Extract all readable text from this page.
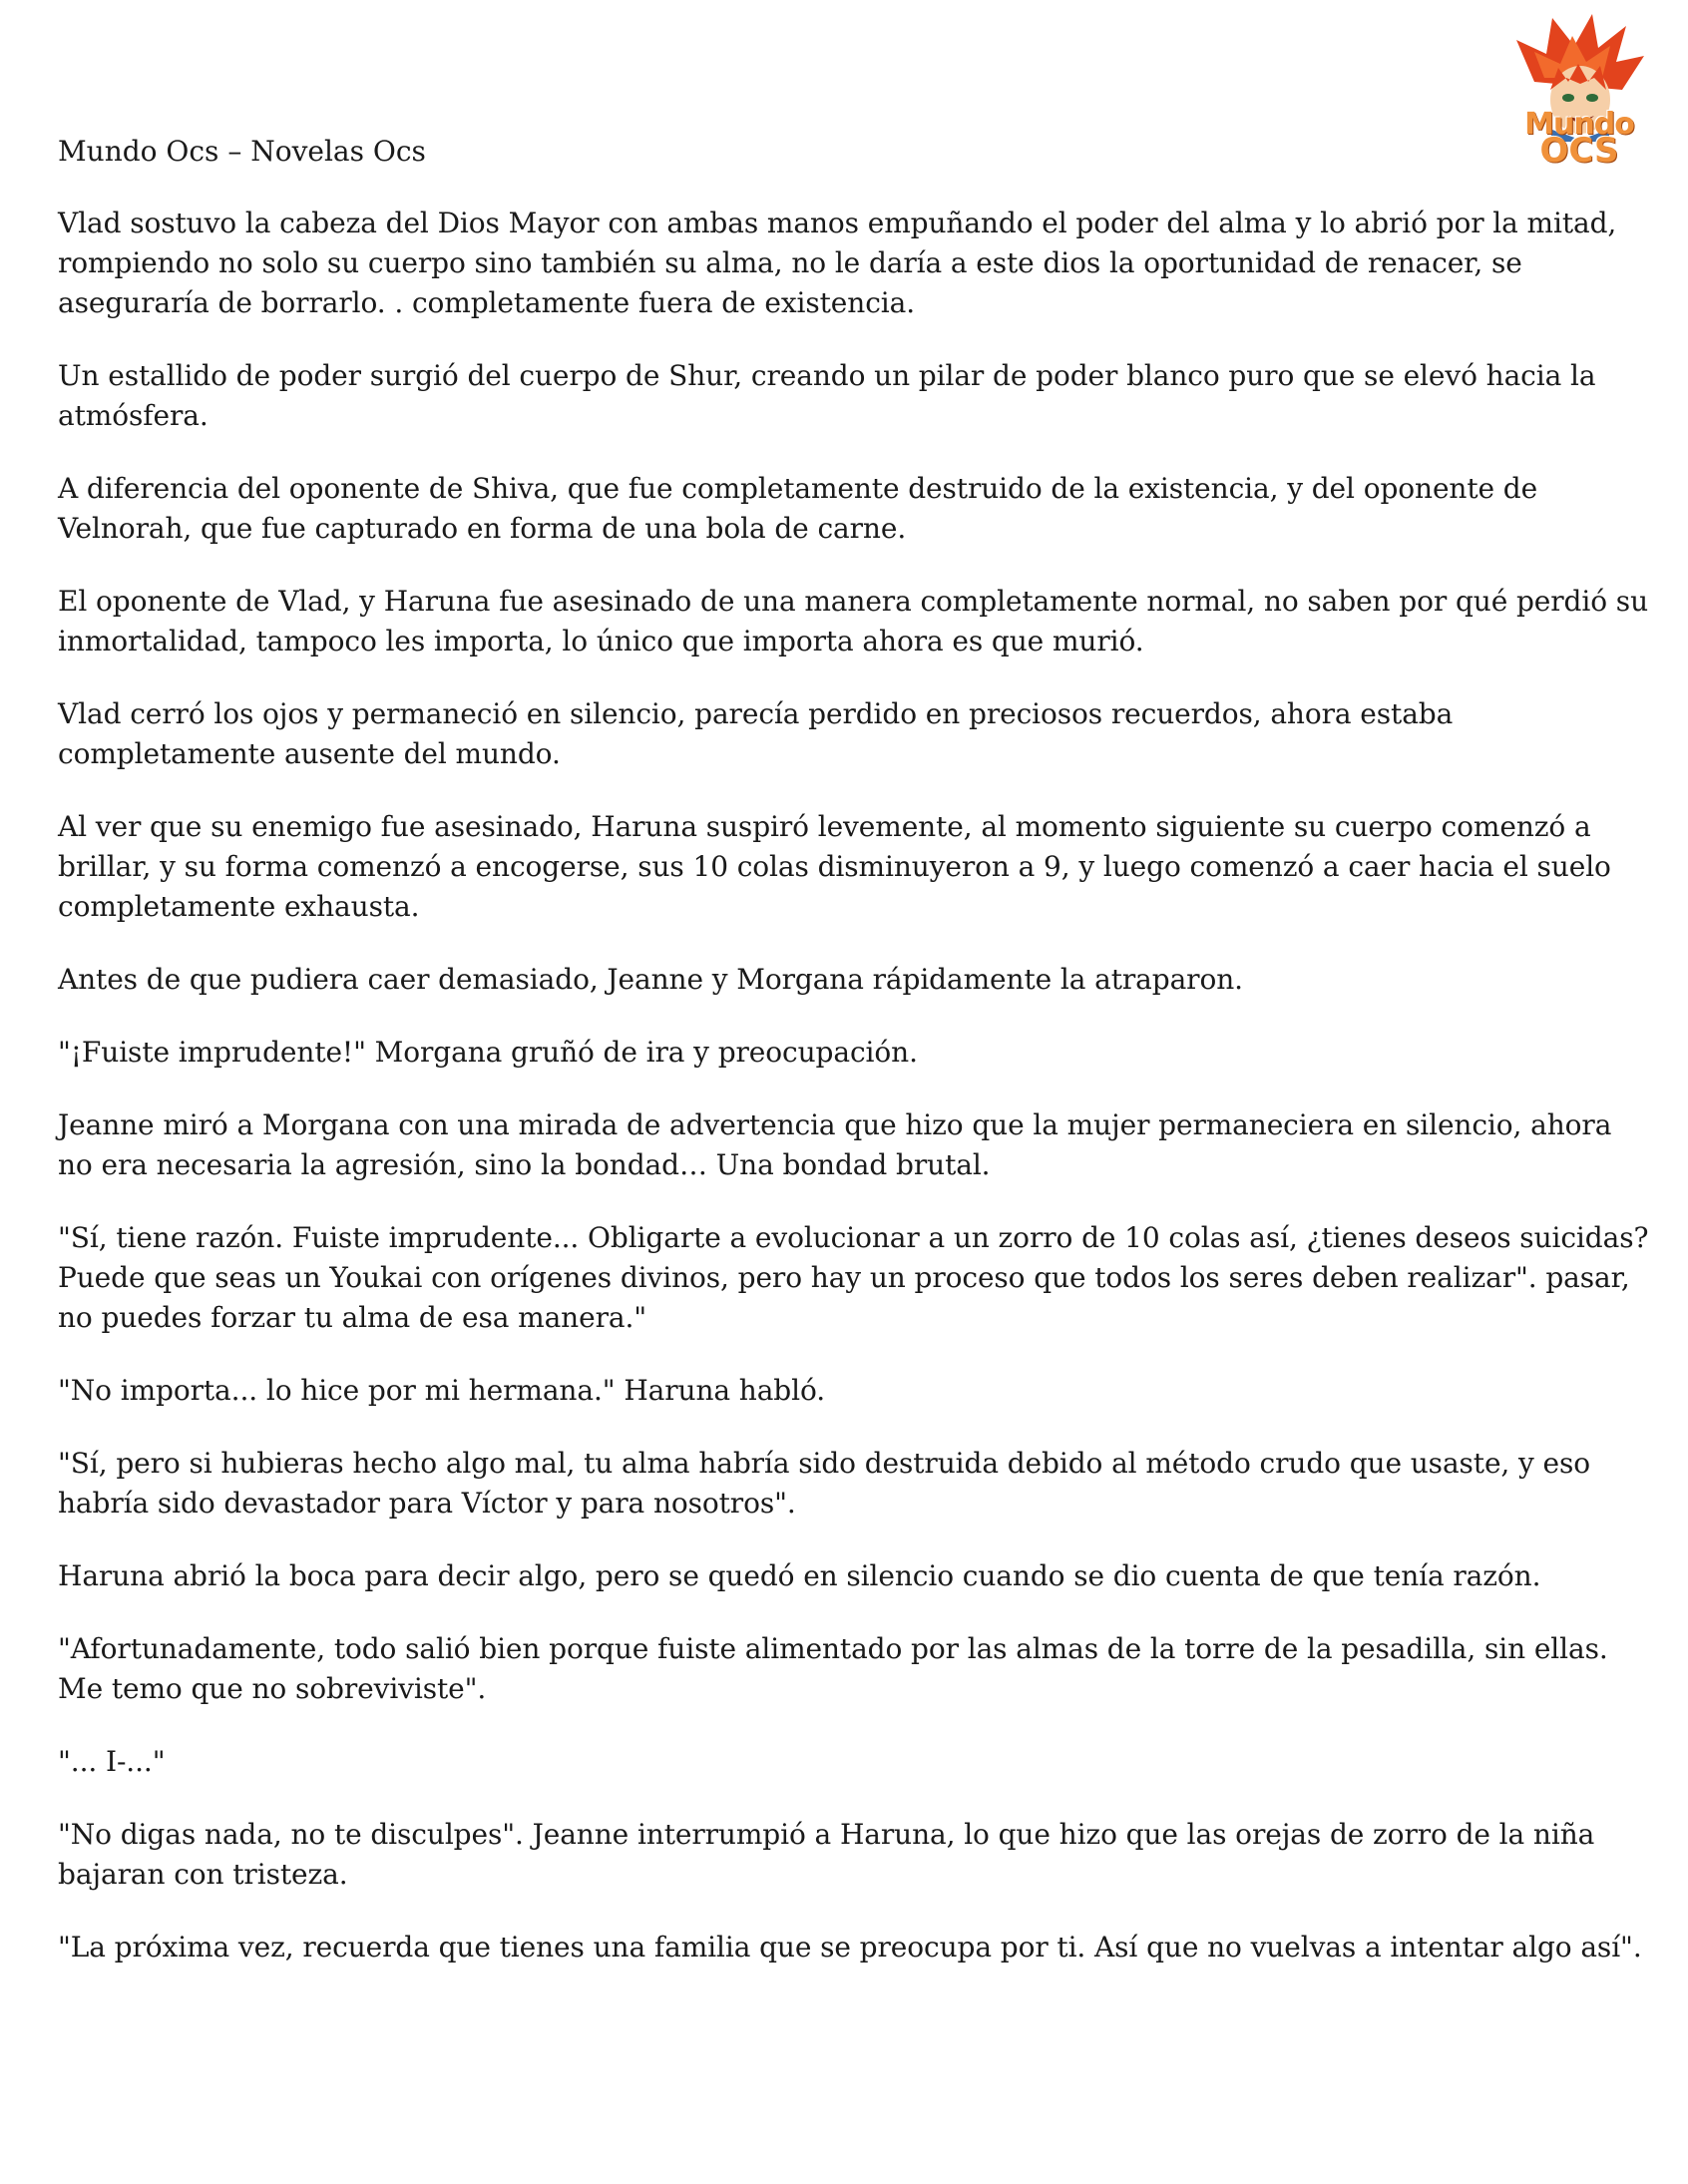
Mundo
OCS

Mundo Ocs – Novelas Ocs

Vlad sostuvo la cabeza del Dios Mayor con ambas manos empuñando el poder del alma y lo abrió por la mitad, rompiendo no solo su cuerpo sino también su alma, no le daría a este dios la oportunidad de renacer, se aseguraría de borrarlo. . completamente fuera de existencia.

Un estallido de poder surgió del cuerpo de Shur, creando un pilar de poder blanco puro que se elevó hacia la atmósfera.

A diferencia del oponente de Shiva, que fue completamente destruido de la existencia, y del oponente de Velnorah, que fue capturado en forma de una bola de carne.

El oponente de Vlad, y Haruna fue asesinado de una manera completamente normal, no saben por qué perdió su inmortalidad, tampoco les importa, lo único que importa ahora es que murió.

Vlad cerró los ojos y permaneció en silencio, parecía perdido en preciosos recuerdos, ahora estaba completamente ausente del mundo.

Al ver que su enemigo fue asesinado, Haruna suspiró levemente, al momento siguiente su cuerpo comenzó a brillar, y su forma comenzó a encogerse, sus 10 colas disminuyeron a 9, y luego comenzó a caer hacia el suelo completamente exhausta.

Antes de que pudiera caer demasiado, Jeanne y Morgana rápidamente la atraparon.

"¡Fuiste imprudente!" Morgana gruñó de ira y preocupación.

Jeanne miró a Morgana con una mirada de advertencia que hizo que la mujer permaneciera en silencio, ahora no era necesaria la agresión, sino la bondad… Una bondad brutal.

"Sí, tiene razón. Fuiste imprudente... Obligarte a evolucionar a un zorro de 10 colas así, ¿tienes deseos suicidas? Puede que seas un Youkai con orígenes divinos, pero hay un proceso que todos los seres deben realizar". pasar, no puedes forzar tu alma de esa manera."

"No importa... lo hice por mi hermana." Haruna habló.

"Sí, pero si hubieras hecho algo mal, tu alma habría sido destruida debido al método crudo que usaste, y eso habría sido devastador para Víctor y para nosotros".

Haruna abrió la boca para decir algo, pero se quedó en silencio cuando se dio cuenta de que tenía razón.

"Afortunadamente, todo salió bien porque fuiste alimentado por las almas de la torre de la pesadilla, sin ellas. Me temo que no sobreviviste".

"... I-..."

"No digas nada, no te disculpes". Jeanne interrumpió a Haruna, lo que hizo que las orejas de zorro de la niña bajaran con tristeza.

"La próxima vez, recuerda que tienes una familia que se preocupa por ti. Así que no vuelvas a intentar algo así".
